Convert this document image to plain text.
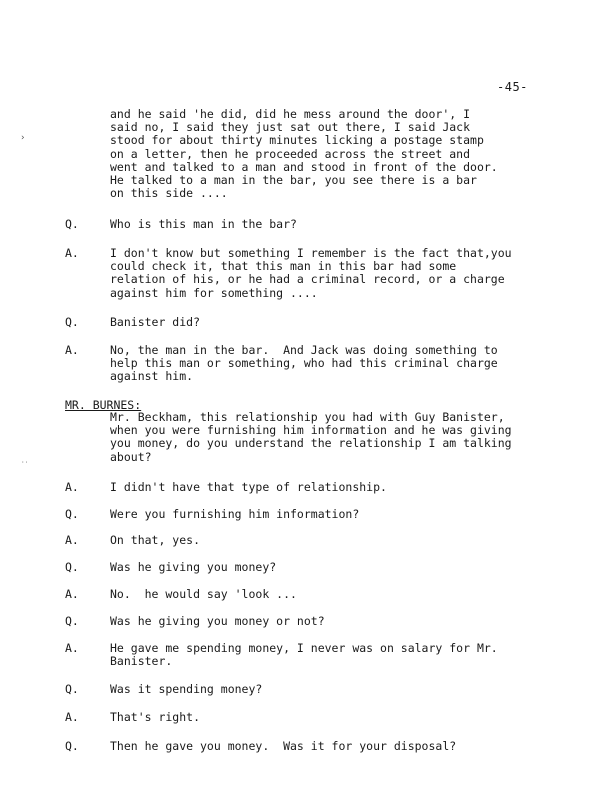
-45-

and he said 'he did, did he mess around the door', I
said no, I said they just sat out there, I said Jack
stood for about thirty minutes licking a postage stamp
on a letter, then he proceeded across the street and
went and talked to a man and stood in front of the door.
He talked to a man in the bar, you see there is a bar
on this side ....

Q.	Who is this man in the bar?

A.	I don't know but something I remember is the fact that,you
could check it, that this man in this bar had some
relation of his, or he had a criminal record, or a charge
against him for something ....

Q.	Banister did?

A.	No, the man in the bar.  And Jack was doing something to
help this man or something, who had this criminal charge
against him.

MR. BURNES:

Mr. Beckham, this relationship you had with Guy Banister,
when you were furnishing him information and he was giving
you money, do you understand the relationship I am talking
about?

A.	I didn't have that type of relationship.

Q.	Were you furnishing him information?

A.	On that, yes.

Q.	Was he giving you money?

A.	No.  he would say 'look ...

Q.	Was he giving you money or not?

A.	He gave me spending money, I never was on salary for Mr.
Banister.

Q.	Was it spending money?

A.	That's right.

Q.	Then he gave you money.  Was it for your disposal?

›
··
